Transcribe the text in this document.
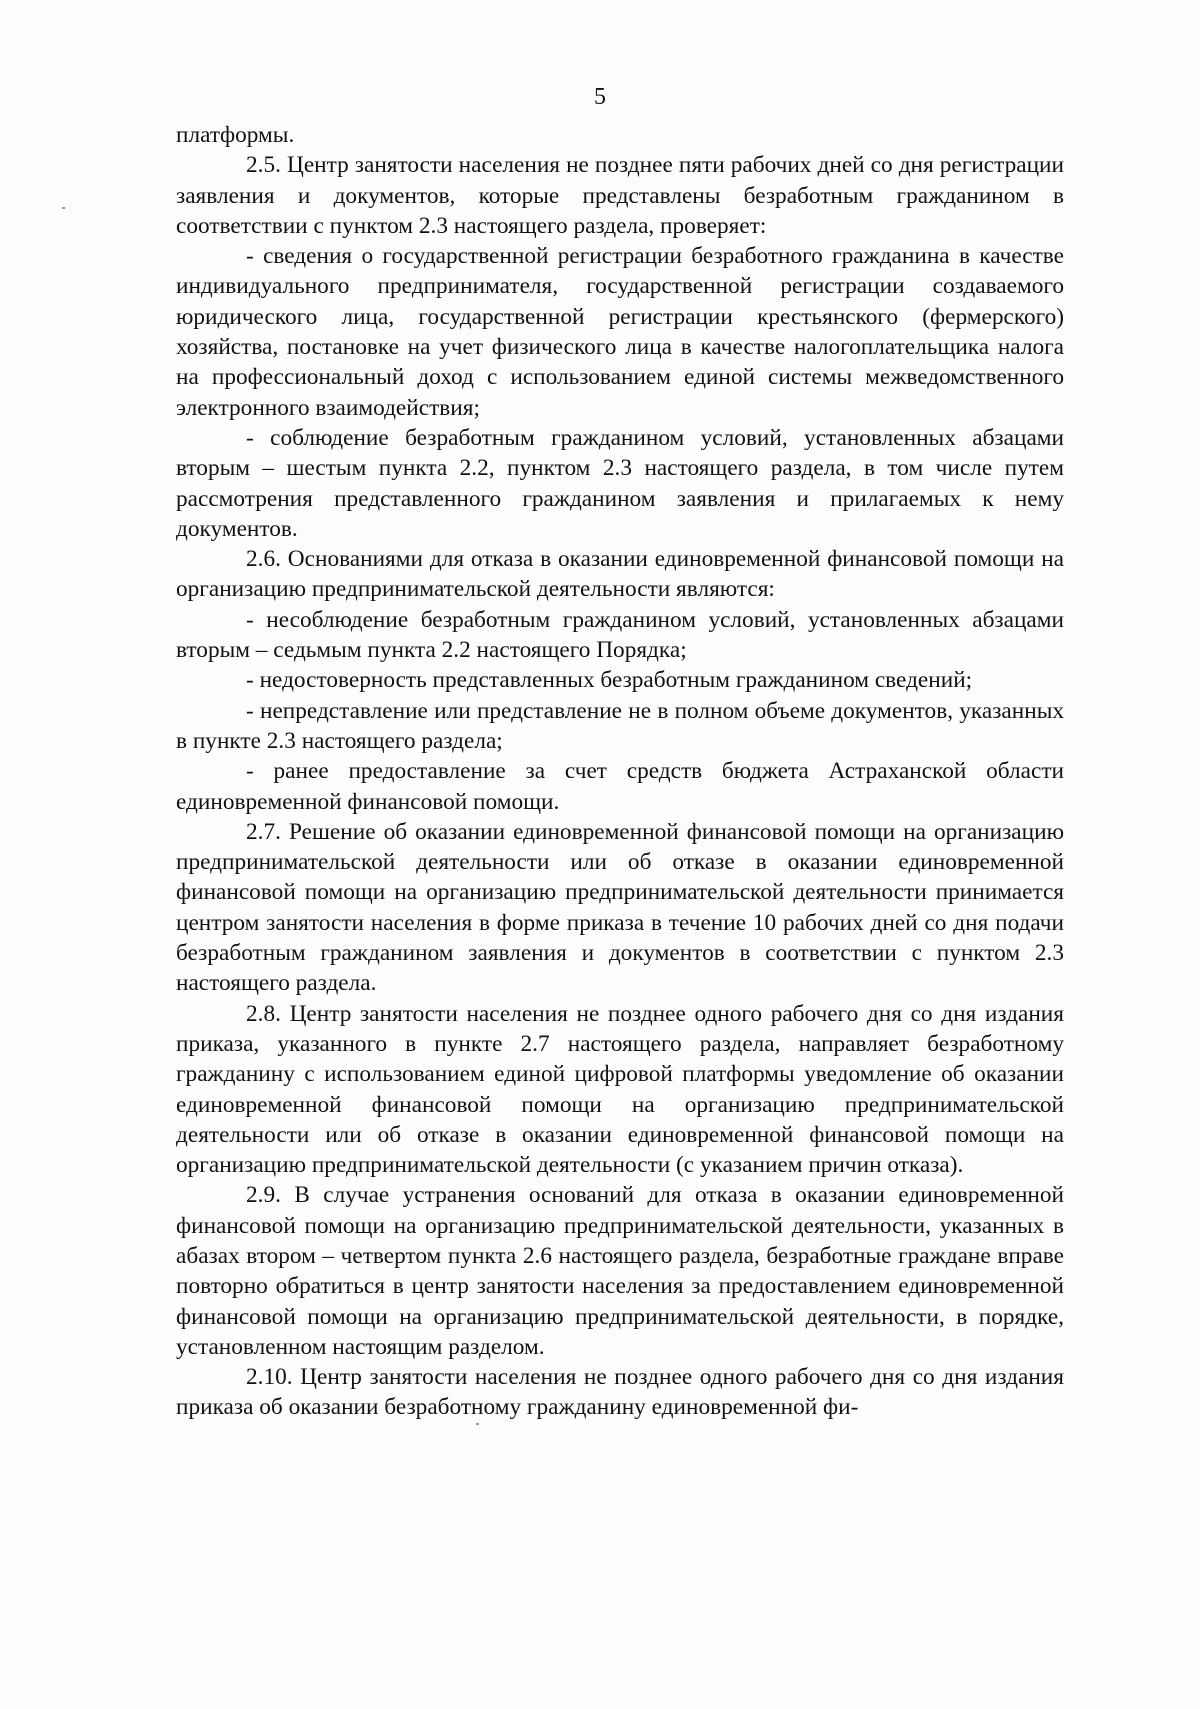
5

платформы.

2.5. Центр занятости населения не позднее пяти рабочих дней со дня регистрации заявления и документов, которые представлены безработным гражданином в соответствии с пунктом 2.3 настоящего раздела, проверяет:

- сведения о государственной регистрации безработного гражданина в качестве индивидуального предпринимателя, государственной регистрации создаваемого юридического лица, государственной регистрации крестьянского (фермерского) хозяйства, постановке на учет физического лица в качестве налогоплательщика налога на профессиональный доход с использованием единой системы межведомственного электронного взаимодействия;

- соблюдение безработным гражданином условий, установленных абзацами вторым – шестым пункта 2.2, пунктом 2.3 настоящего раздела, в том числе путем рассмотрения представленного гражданином заявления и прилагаемых к нему документов.

2.6. Основаниями для отказа в оказании единовременной финансовой помощи на организацию предпринимательской деятельности являются:

- несоблюдение безработным гражданином условий, установленных абзацами вторым – седьмым пункта 2.2 настоящего Порядка;

- недостоверность представленных безработным гражданином сведений;

- непредставление или представление не в полном объеме документов, указанных в пункте 2.3 настоящего раздела;

- ранее предоставление за счет средств бюджета Астраханской области единовременной финансовой помощи.

2.7. Решение об оказании единовременной финансовой помощи на организацию предпринимательской деятельности или об отказе в оказании единовременной финансовой помощи на организацию предпринимательской деятельности принимается центром занятости населения в форме приказа в течение 10 рабочих дней со дня подачи безработным гражданином заявления и документов в соответствии с пунктом 2.3 настоящего раздела.

2.8. Центр занятости населения не позднее одного рабочего дня со дня издания приказа, указанного в пункте 2.7 настоящего раздела, направляет безработному гражданину с использованием единой цифровой платформы уведомление об оказании единовременной финансовой помощи на организацию предпринимательской деятельности или об отказе в оказании единовременной финансовой помощи на организацию предпринимательской деятельности (с указанием причин отказа).

2.9. В случае устранения оснований для отказа в оказании единовременной финансовой помощи на организацию предпринимательской деятельности, указанных в абазах втором – четвертом пункта 2.6 настоящего раздела, безработные граждане вправе повторно обратиться в центр занятости населения за предоставлением единовременной финансовой помощи на организацию предпринимательской деятельности, в порядке, установленном настоящим разделом.

2.10. Центр занятости населения не позднее одного рабочего дня со дня издания приказа об оказании безработному гражданину единовременной фи-
